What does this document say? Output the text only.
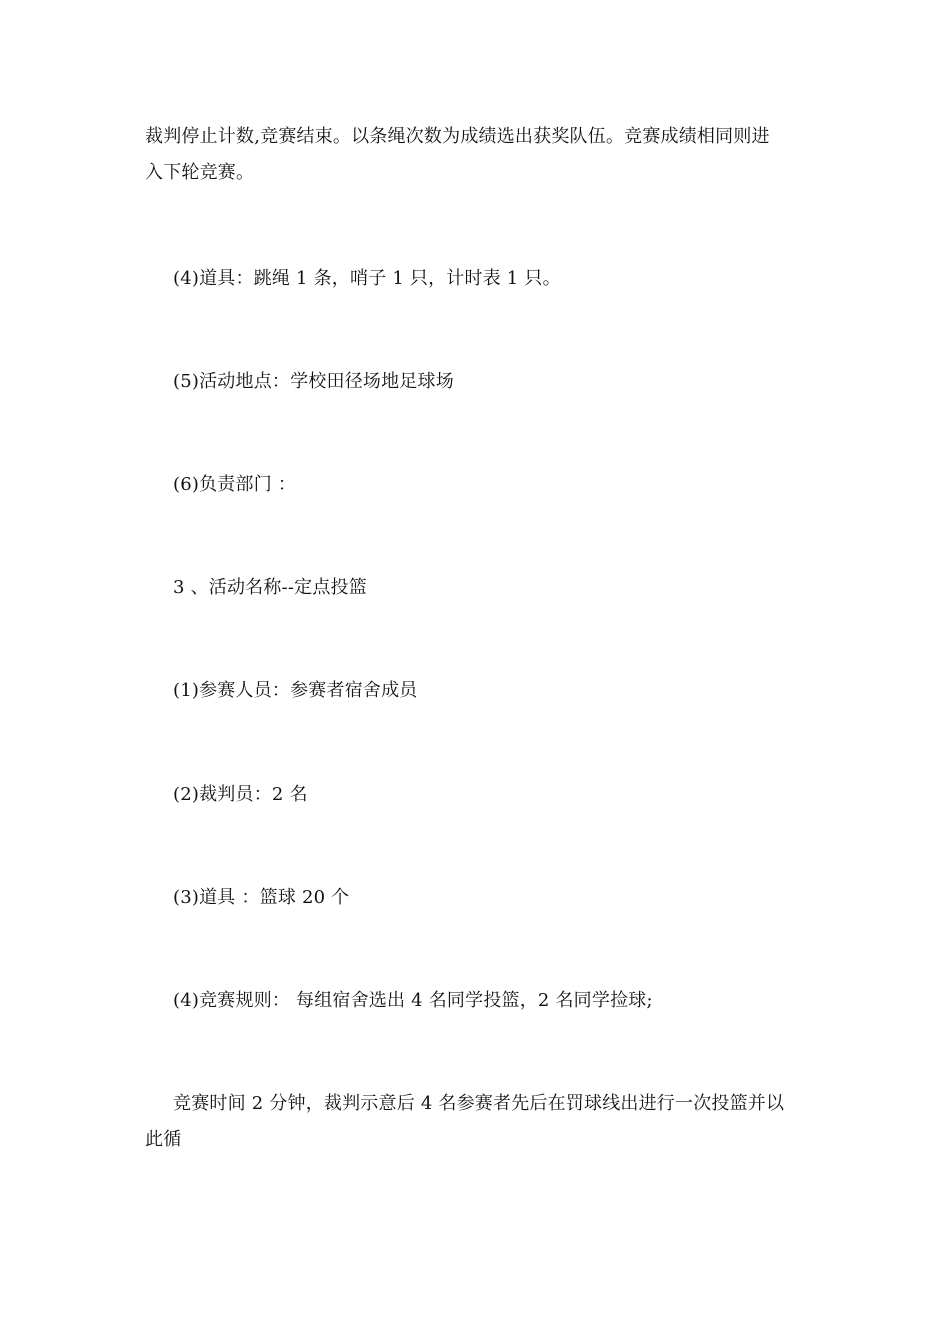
裁判停止计数,竞赛结束。以条绳次数为成绩选出获奖队伍。竞赛成绩相同则进
入下轮竞赛。
(4)道具：跳绳 1 条，哨子 1 只，计时表 1 只。
(5)活动地点：学校田径场地足球场
(6)负责部门 ：
3 、活动名称--定点投篮
(1)参赛人员：参赛者宿舍成员
(2)裁判员：2 名
(3)道具 ：篮球 20 个
(4)竞赛规则： 每组宿舍选出 4 名同学投篮，2 名同学捡球;
竞赛时间 2 分钟，裁判示意后 4 名参赛者先后在罚球线出进行一次投篮并以
此循
